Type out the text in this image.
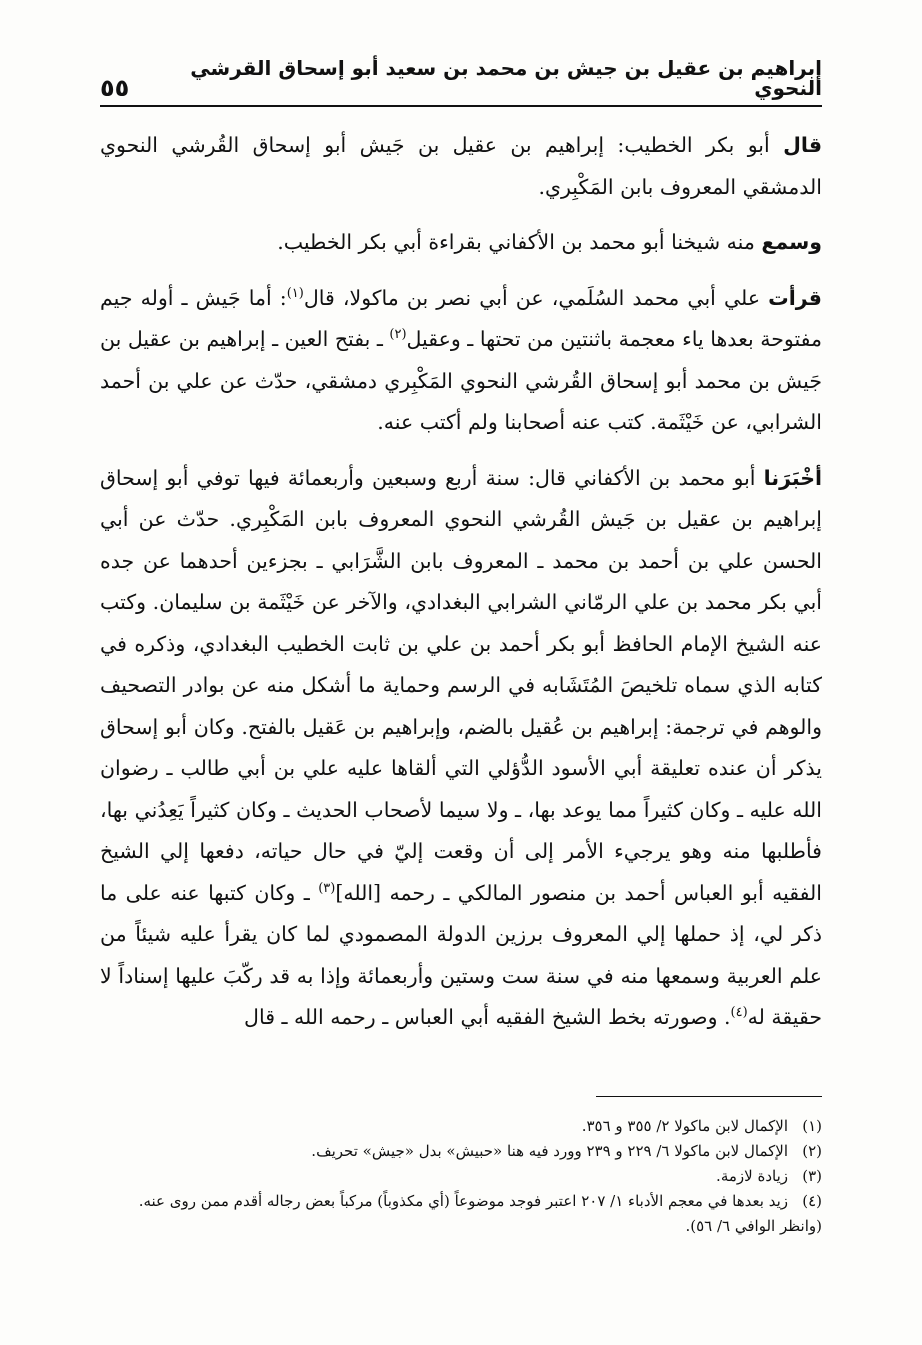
٥٥
إبراهيم بن عقيل بن جيش بن محمد بن سعيد أبو إسحاق القرشي النحوي

قال أبو بكر الخطيب: إبراهيم بن عقيل بن جَيش أبو إسحاق القُرشي النحوي الدمشقي المعروف بابن المَكْبِري.

وسمع منه شيخنا أبو محمد بن الأكفاني بقراءة أبي بكر الخطيب.

قرأت علي أبي محمد السُلَمي، عن أبي نصر بن ماكولا، قال$^{(١)}$: أما جَيش ـ أوله جيم مفتوحة بعدها ياء معجمة باثنتين من تحتها ـ وعقيل$^{(٢)}$ ـ بفتح العين ـ إبراهيم بن عقيل بن جَيش بن محمد أبو إسحاق القُرشي النحوي المَكْبِري دمشقي، حدّث عن علي بن أحمد الشرابي، عن خَيْثَمة. كتب عنه أصحابنا ولم أكتب عنه.

أخْبَرَنا أبو محمد بن الأكفاني قال: سنة أربع وسبعين وأربعمائة فيها توفي أبو إسحاق إبراهيم بن عقيل بن جَيش القُرشي النحوي المعروف بابن المَكْبِري. حدّث عن أبي الحسن علي بن أحمد بن محمد ـ المعروف بابن الشَّرَابي ـ بجزءين أحدهما عن جده أبي بكر محمد بن علي الرمّاني الشرابي البغدادي، والآخر عن خَيْثَمة بن سليمان. وكتب عنه الشيخ الإمام الحافظ أبو بكر أحمد بن علي بن ثابت الخطيب البغدادي، وذكره في كتابه الذي سماه تلخيصَ المُتَشَابه في الرسم وحماية ما أشكل منه عن بوادر التصحيف والوهم في ترجمة: إبراهيم بن عُقيل بالضم، وإبراهيم بن عَقيل بالفتح. وكان أبو إسحاق يذكر أن عنده تعليقة أبي الأسود الدُّؤلي التي ألقاها عليه علي بن أبي طالب ـ رضوان الله عليه ـ وكان كثيراً مما يوعد بها، ـ ولا سيما لأصحاب الحديث ـ وكان كثيراً يَعِدُني بها، فأطلبها منه وهو يرجيء الأمر إلى أن وقعت إليّ في حال حياته، دفعها إلي الشيخ الفقيه أبو العباس أحمد بن منصور المالكي ـ رحمه [الله]$^{(٣)}$ ـ وكان كتبها عنه على ما ذكر لي، إذ حملها إلي المعروف برزين الدولة المصمودي لما كان يقرأ عليه شيئاً من علم العربية وسمعها منه في سنة ست وستين وأربعمائة وإذا به قد ركّبَ عليها إسناداً لا حقيقة له$^{(٤)}$. وصورته بخط الشيخ الفقيه أبي العباس ـ رحمه الله ـ قال

(١)الإكمال لابن ماكولا ٢/ ٣٥٥ و ٣٥٦.

(٢)الإكمال لابن ماكولا ٦/ ٢٢٩ و ٢٣٩ وورد فيه هنا «حبيش» بدل «جيش» تحريف.

(٣)زيادة لازمة.

(٤)زيد بعدها في معجم الأدباء ١/ ٢٠٧ اعتبر فوجد موضوعاً (أي مكذوباً) مركباً بعض رجاله أقدم ممن روى عنه. (وانظر الوافي ٦/ ٥٦).
